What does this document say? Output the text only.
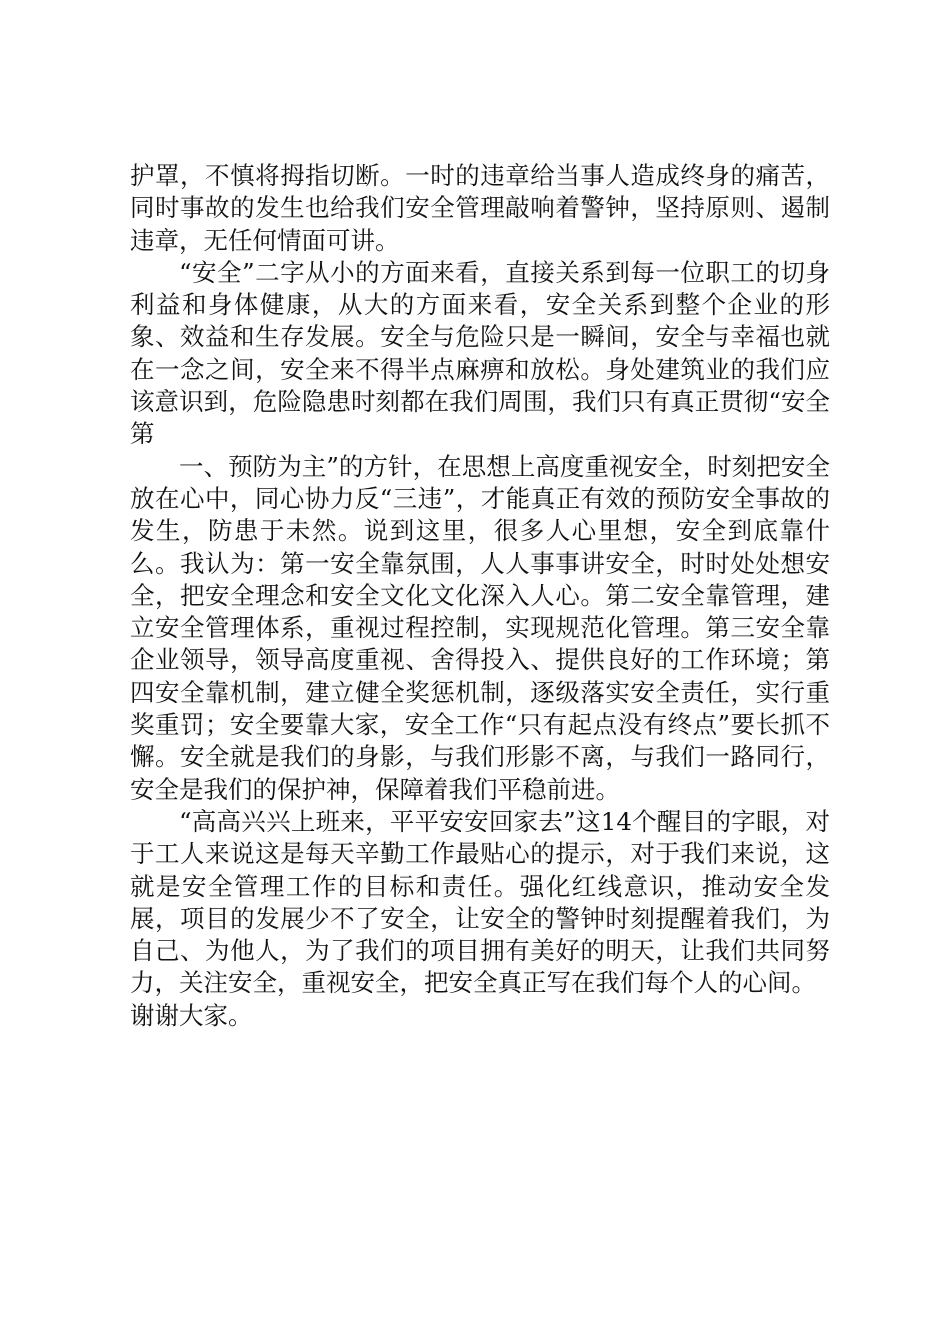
护罩，不慎将拇指切断。一时的违章给当事人造成终身的痛苦，同时事故的发生也给我们安全管理敲响着警钟，坚持原则、遏制违章，无任何情面可讲。

“安全”二字从小的方面来看，直接关系到每一位职工的切身利益和身体健康，从大的方面来看，安全关系到整个企业的形象、效益和生存发展。安全与危险只是一瞬间，安全与幸福也就在一念之间，安全来不得半点麻痹和放松。身处建筑业的我们应该意识到，危险隐患时刻都在我们周围，我们只有真正贯彻“安全第

一、预防为主”的方针，在思想上高度重视安全，时刻把安全放在心中，同心协力反“三违”，才能真正有效的预防安全事故的发生，防患于未然。说到这里，很多人心里想，安全到底靠什么。我认为：第一安全靠氛围，人人事事讲安全，时时处处想安全，把安全理念和安全文化文化深入人心。第二安全靠管理，建立安全管理体系，重视过程控制，实现规范化管理。第三安全靠企业领导，领导高度重视、舍得投入、提供良好的工作环境；第四安全靠机制，建立健全奖惩机制，逐级落实安全责任，实行重奖重罚；安全要靠大家，安全工作“只有起点没有终点”要长抓不懈。安全就是我们的身影，与我们形影不离，与我们一路同行，安全是我们的保护神，保障着我们平稳前进。

“高高兴兴上班来，平平安安回家去”这14个醒目的字眼，对于工人来说这是每天辛勤工作最贴心的提示，对于我们来说，这就是安全管理工作的目标和责任。强化红线意识，推动安全发展，项目的发展少不了安全，让安全的警钟时刻提醒着我们，为自己、为他人，为了我们的项目拥有美好的明天，让我们共同努力，关注安全，重视安全，把安全真正写在我们每个人的心间。

谢谢大家。
